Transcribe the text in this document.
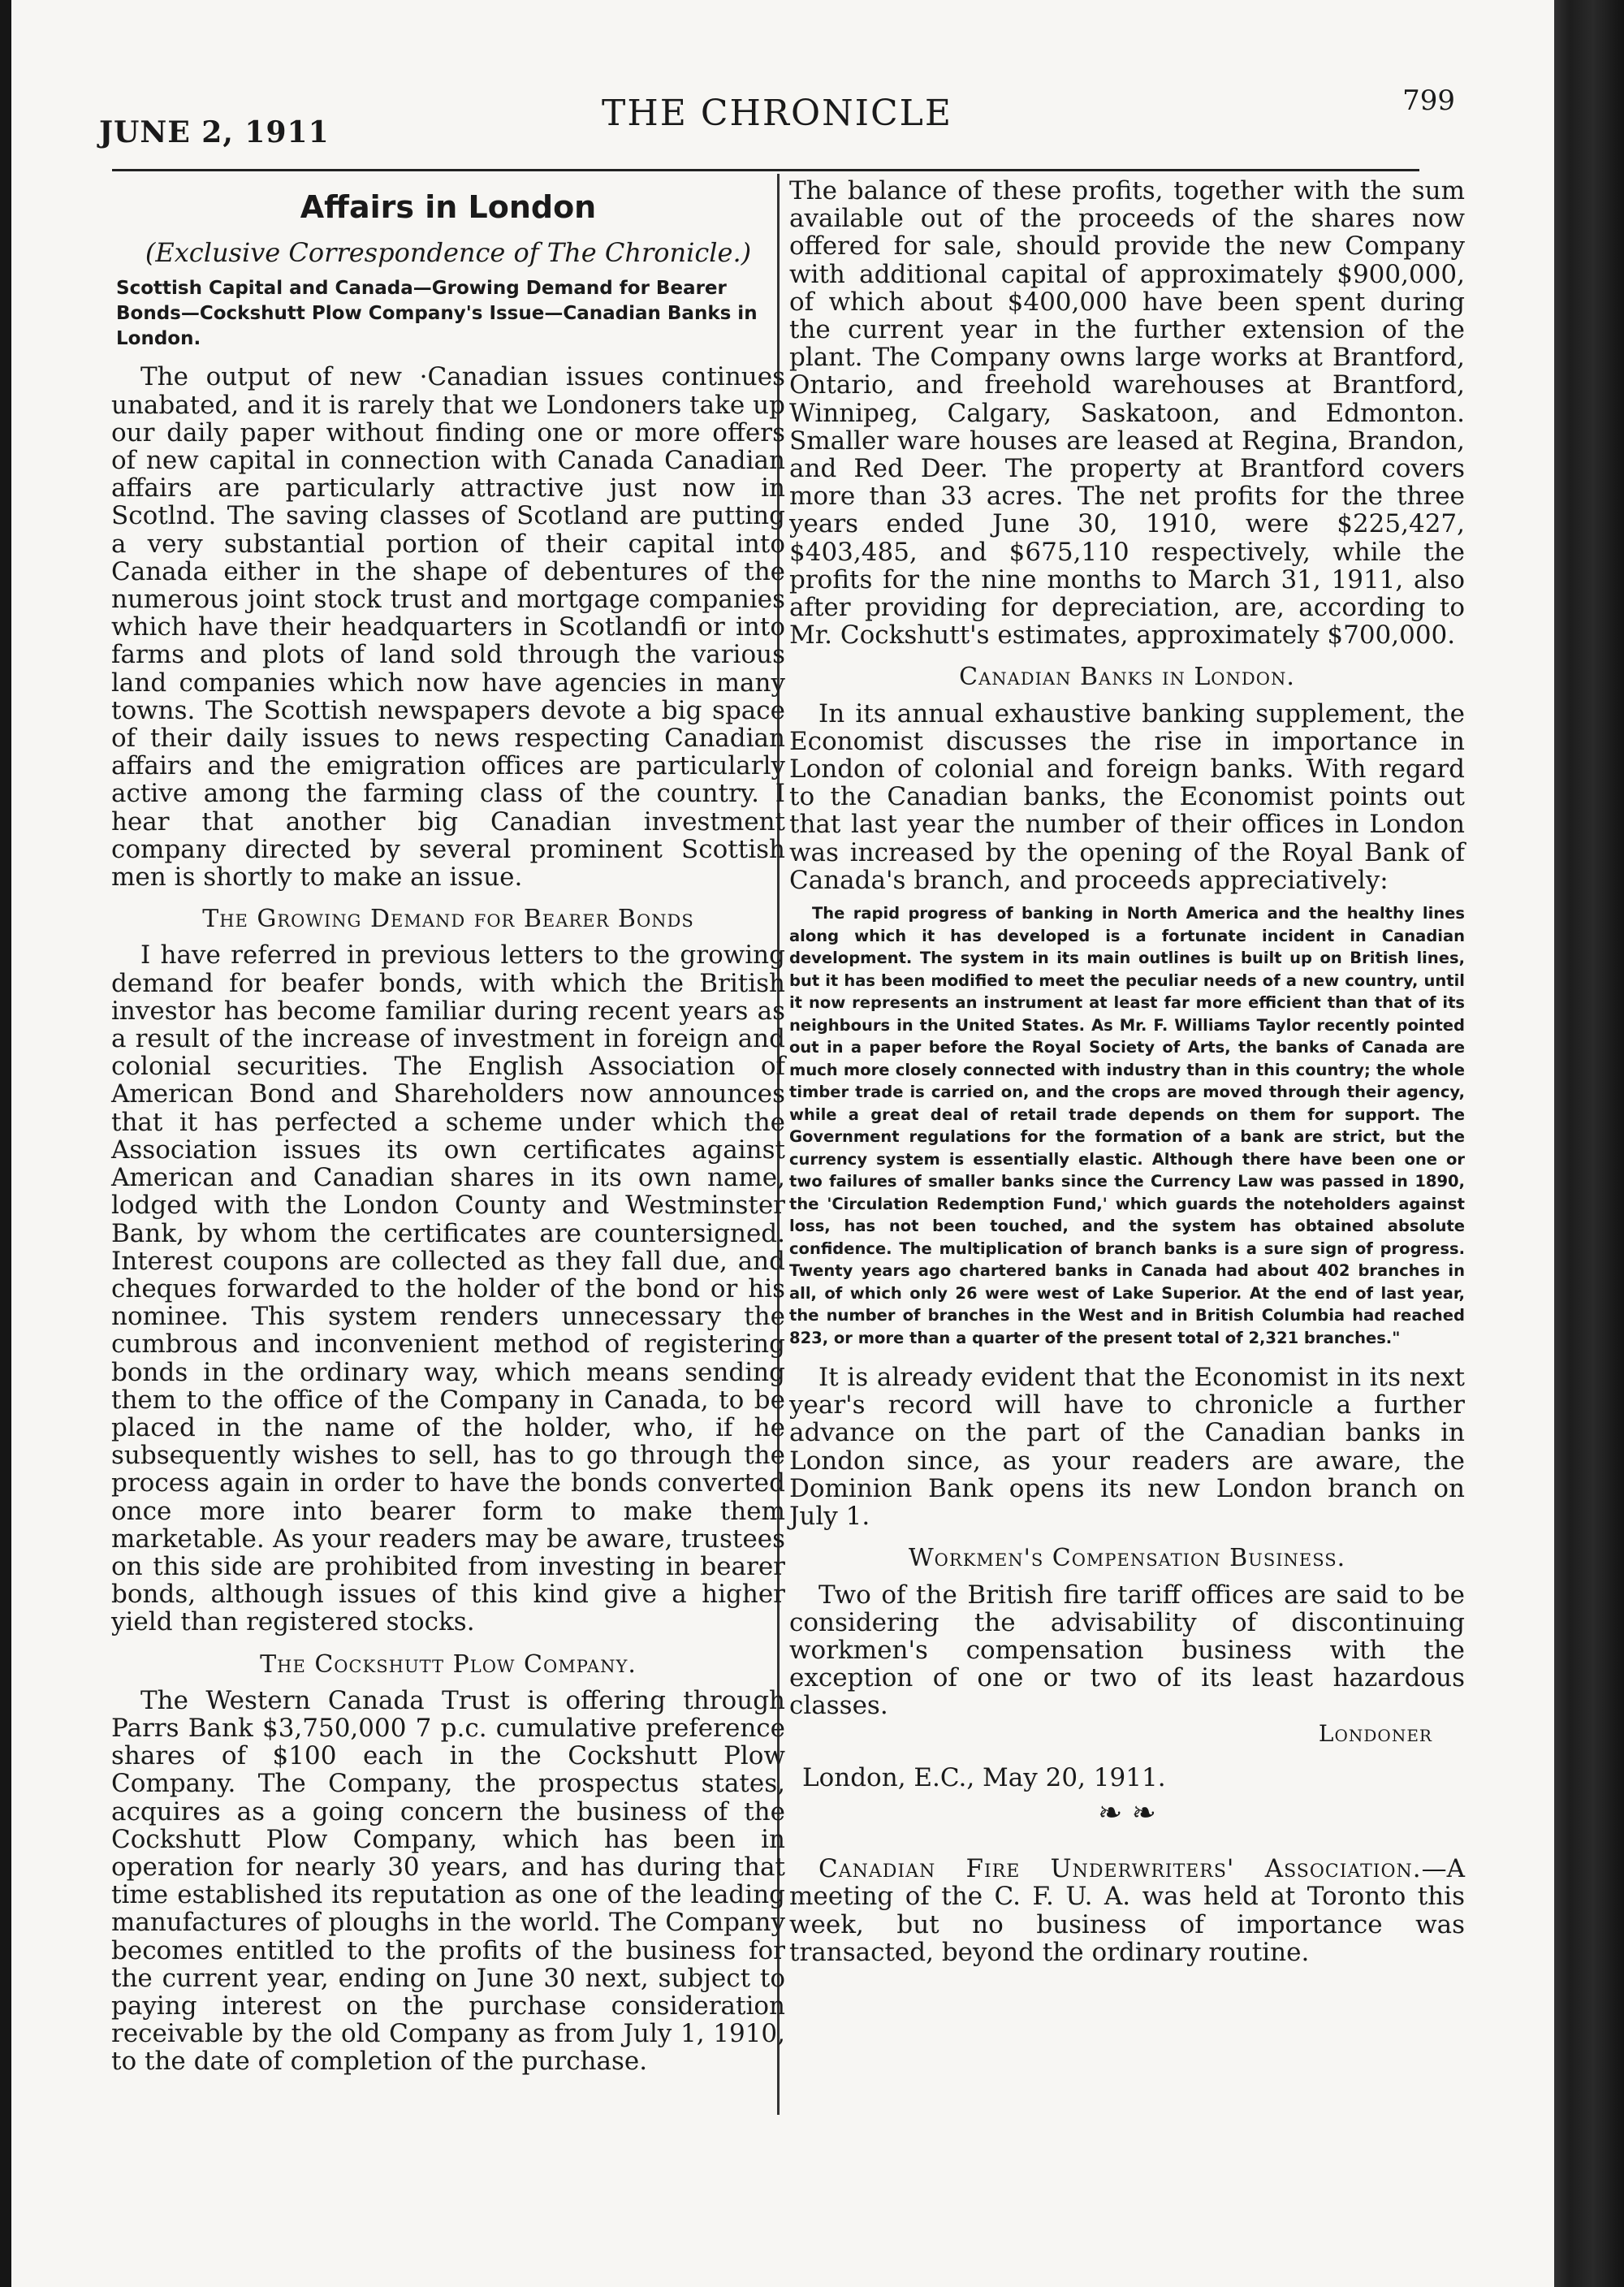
JUNE 2, 1911	THE CHRONICLE	799
Affairs in London
(Exclusive Correspondence of The Chronicle.)
Scottish Capital and Canada—Growing Demand for Bearer Bonds—Cockshutt Plow Company's Issue—Canadian Banks in London.

The output of new ·Canadian issues continues unabated, and it is rarely that we Londoners take up our daily paper without finding one or more offers of new capital in connection with Canada Canadian affairs are particularly attractive just now in Scotlnd. The saving classes of Scotland are putting a very substantial portion of their capital into Canada either in the shape of debentures of the numerous joint stock trust and mortgage companies which have their headquarters in Scotlandfi or into farms and plots of land sold through the various land companies which now have agencies in many towns. The Scottish newspapers devote a big space of their daily issues to news respecting Canadian affairs and the emigration offices are particularly active among the farming class of the country. I hear that another big Canadian investment company directed by several prominent Scottish men is shortly to make an issue.

The Growing Demand for Bearer Bonds

I have referred in previous letters to the growing demand for beafer bonds, with which the British investor has become familiar during recent years as a result of the increase of investment in foreign and colonial securities. The English Association of American Bond and Shareholders now announces that it has perfected a scheme under which the Association issues its own certificates against American and Canadian shares in its own name, lodged with the London County and Westminster Bank, by whom the certificates are countersigned. Interest coupons are collected as they fall due, and cheques forwarded to the holder of the bond or his nominee. This system renders unnecessary the cumbrous and inconvenient method of registering bonds in the ordinary way, which means sending them to the office of the Company in Canada, to be placed in the name of the holder, who, if he subsequently wishes to sell, has to go through the process again in order to have the bonds converted once more into bearer form to make them marketable. As your readers may be aware, trustees on this side are prohibited from investing in bearer bonds, although issues of this kind give a higher yield than registered stocks.

The Cockshutt Plow Company.

The Western Canada Trust is offering through Parrs Bank $3,750,000 7 p.c. cumulative preference shares of $100 each in the Cockshutt Plow Company. The Company, the prospectus states, acquires as a going concern the business of the Cockshutt Plow Company, which has been in operation for nearly 30 years, and has during that time established its reputation as one of the leading manufactures of ploughs in the world. The Company becomes entitled to the profits of the business for the current year, ending on June 30 next, subject to paying interest on the purchase consideration receivable by the old Company as from July 1, 1910, to the date of completion of the purchase.

The balance of these profits, together with the sum available out of the proceeds of the shares now offered for sale, should provide the new Company with additional capital of approximately $900,000, of which about $400,000 have been spent during the current year in the further extension of the plant. The Company owns large works at Brantford, Ontario, and freehold warehouses at Brantford, Winnipeg, Calgary, Saskatoon, and Edmonton. Smaller ware houses are leased at Regina, Brandon, and Red Deer. The property at Brantford covers more than 33 acres. The net profits for the three years ended June 30, 1910, were $225,427, $403,485, and $675,110 respectively, while the profits for the nine months to March 31, 1911, also after providing for depreciation, are, according to Mr. Cockshutt's estimates, approximately $700,000.

Canadian Banks in London.

In its annual exhaustive banking supplement, the Economist discusses the rise in importance in London of colonial and foreign banks. With regard to the Canadian banks, the Economist points out that last year the number of their offices in London was increased by the opening of the Royal Bank of Canada's branch, and proceeds appreciatively:

The rapid progress of banking in North America and the healthy lines along which it has developed is a fortunate incident in Canadian development. The system in its main outlines is built up on British lines, but it has been modified to meet the peculiar needs of a new country, until it now represents an instrument at least far more efficient than that of its neighbours in the United States. As Mr. F. Williams Taylor recently pointed out in a paper before the Royal Society of Arts, the banks of Canada are much more closely connected with industry than in this country; the whole timber trade is carried on, and the crops are moved through their agency, while a great deal of retail trade depends on them for support. The Government regulations for the formation of a bank are strict, but the currency system is essentially elastic. Although there have been one or two failures of smaller banks since the Currency Law was passed in 1890, the 'Circulation Redemption Fund,' which guards the noteholders against loss, has not been touched, and the system has obtained absolute confidence. The multiplication of branch banks is a sure sign of progress. Twenty years ago chartered banks in Canada had about 402 branches in all, of which only 26 were west of Lake Superior. At the end of last year, the number of branches in the West and in British Columbia had reached 823, or more than a quarter of the present total of 2,321 branches."

It is already evident that the Economist in its next year's record will have to chronicle a further advance on the part of the Canadian banks in London since, as your readers are aware, the Dominion Bank opens its new London branch on July 1.

Workmen's Compensation Business.

Two of the British fire tariff offices are said to be considering the advisability of discontinuing workmen's compensation business with the exception of one or two of its least hazardous classes.

Londoner
London, E.C., May 20, 1911.
❧ ❧

Canadian Fire Underwriters' Association.—A meeting of the C. F. U. A. was held at Toronto this week, but no business of importance was transacted, beyond the ordinary routine.
